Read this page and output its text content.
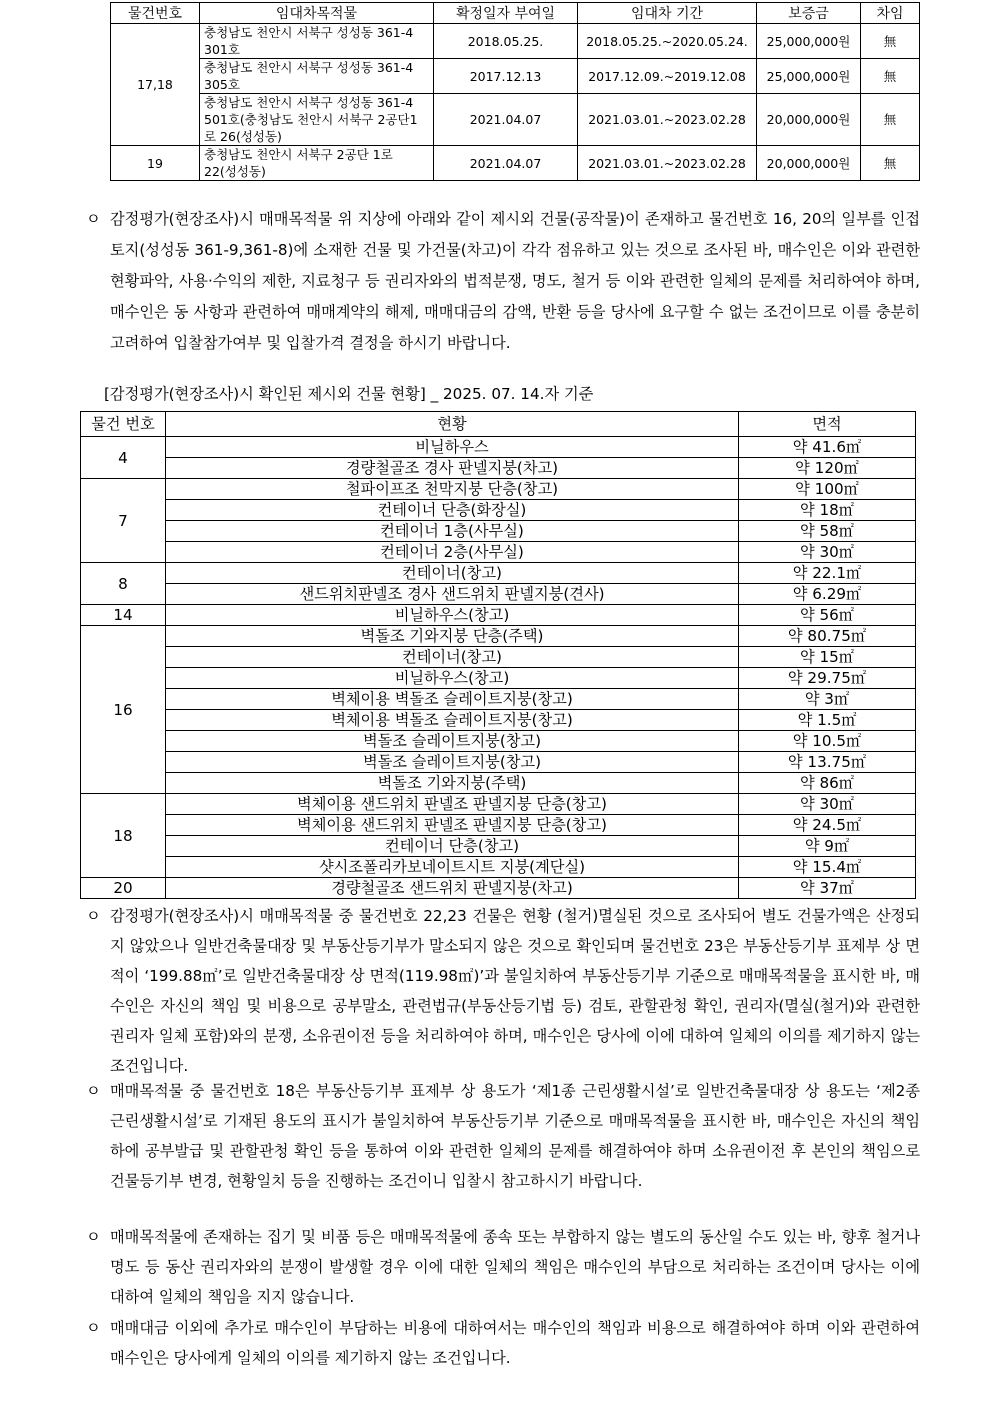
물건번호	임대차목적물	확정일자 부여일	임대차 기간	보증금	차임
17,18	충청남도 천안시 서북구 성성동 361-4 301호	2018.05.25.	2018.05.25.~2020.05.24.	25,000,000원	無
	충청남도 천안시 서북구 성성동 361-4 305호	2017.12.13	2017.12.09.~2019.12.08	25,000,000원	無
	충청남도 천안시 서북구 성성동 361-4 501호(충청남도 천안시 서북구 2공단1로 26(성성동)	2021.04.07	2021.03.01.~2023.02.28	20,000,000원	無
19	충청남도 천안시 서북구 2공단 1로 22(성성동)	2021.04.07	2021.03.01.~2023.02.28	20,000,000원	無
ㅇ 감정평가(현장조사)시 매매목적물 위 지상에 아래와 같이 제시외 건물(공작물)이 존재하고 물건번호 16, 20의 일부를 인접토지(성성동 361-9,361-8)에 소재한 건물 및 가건물(차고)이 각각 점유하고 있는 것으로 조사된 바, 매수인은 이와 관련한 현황파악, 사용·수익의 제한, 지료청구 등 권리자와의 법적분쟁, 명도, 철거 등 이와 관련한 일체의 문제를 처리하여야 하며, 매수인은 동 사항과 관련하여 매매계약의 해제, 매매대금의 감액, 반환 등을 당사에 요구할 수 없는 조건이므로 이를 충분히 고려하여 입찰참가여부 및 입찰가격 결정을 하시기 바랍니다.
[감정평가(현장조사)시 확인된 제시외 건물 현황] _ 2025. 07. 14.자 기준
물건 번호	현황	면적
4	비닐하우스	약 41.6㎡
	경량철골조 경사 판넬지붕(차고)	약 120㎡
7	철파이프조 천막지붕 단층(창고)	약 100㎡
	컨테이너 단층(화장실)	약 18㎡
	컨테이너 1층(사무실)	약 58㎡
	컨테이너 2층(사무실)	약 30㎡
8	컨테이너(창고)	약 22.1㎡
	샌드위치판넬조 경사 샌드위치 판넬지붕(견사)	약 6.29㎡
14	비닐하우스(창고)	약 56㎡
16	벽돌조 기와지붕 단층(주택)	약 80.75㎡
	컨테이너(창고)	약 15㎡
	비닐하우스(창고)	약 29.75㎡
	벽체이용 벽돌조 슬레이트지붕(창고)	약 3㎡
	벽체이용 벽돌조 슬레이트지붕(창고)	약 1.5㎡
	벽돌조 슬레이트지붕(창고)	약 10.5㎡
	벽돌조 슬레이트지붕(창고)	약 13.75㎡
	벽돌조 기와지붕(주택)	약 86㎡
18	벽체이용 샌드위치 판넬조 판넬지붕 단층(창고)	약 30㎡
	벽체이용 샌드위치 판넬조 판넬지붕 단층(창고)	약 24.5㎡
	컨테이너 단층(창고)	약 9㎡
	샷시조폴리카보네이트시트 지붕(계단실)	약 15.4㎡
20	경량철골조 샌드위치 판넬지붕(차고)	약 37㎡
ㅇ 감정평가(현장조사)시 매매목적물 중 물건번호 22,23 건물은 현황 (철거)멸실된 것으로 조사되어 별도 건물가액은 산정되지 않았으나 일반건축물대장 및 부동산등기부가 말소되지 않은 것으로 확인되며 물건번호 23은 부동산등기부 표제부 상 면적이 ‘199.88㎡’로 일반건축물대장 상 면적(119.98㎡)’과 불일치하여 부동산등기부 기준으로 매매목적물을 표시한 바, 매수인은 자신의 책임 및 비용으로 공부말소, 관련법규(부동산등기법 등) 검토, 관할관청 확인, 권리자(멸실(철거)와 관련한 권리자 일체 포함)와의 분쟁, 소유권이전 등을 처리하여야 하며, 매수인은 당사에 이에 대하여 일체의 이의를 제기하지 않는 조건입니다.
ㅇ 매매목적물 중 물건번호 18은 부동산등기부 표제부 상 용도가 ‘제1종 근린생활시설’로 일반건축물대장 상 용도는 ‘제2종 근린생활시설’로 기재된 용도의 표시가 불일치하여 부동산등기부 기준으로 매매목적물을 표시한 바, 매수인은 자신의 책임하에 공부발급 및 관할관청 확인 등을 통하여 이와 관련한 일체의 문제를 해결하여야 하며 소유권이전 후 본인의 책임으로 건물등기부 변경, 현황일치 등을 진행하는 조건이니 입찰시 참고하시기 바랍니다.
ㅇ 매매목적물에 존재하는 집기 및 비품 등은 매매목적물에 종속 또는 부합하지 않는 별도의 동산일 수도 있는 바, 향후 철거나 명도 등 동산 권리자와의 분쟁이 발생할 경우 이에 대한 일체의 책임은 매수인의 부담으로 처리하는 조건이며 당사는 이에 대하여 일체의 책임을 지지 않습니다.
ㅇ 매매대금 이외에 추가로 매수인이 부담하는 비용에 대하여서는 매수인의 책임과 비용으로 해결하여야 하며 이와 관련하여 매수인은 당사에게 일체의 이의를 제기하지 않는 조건입니다.
